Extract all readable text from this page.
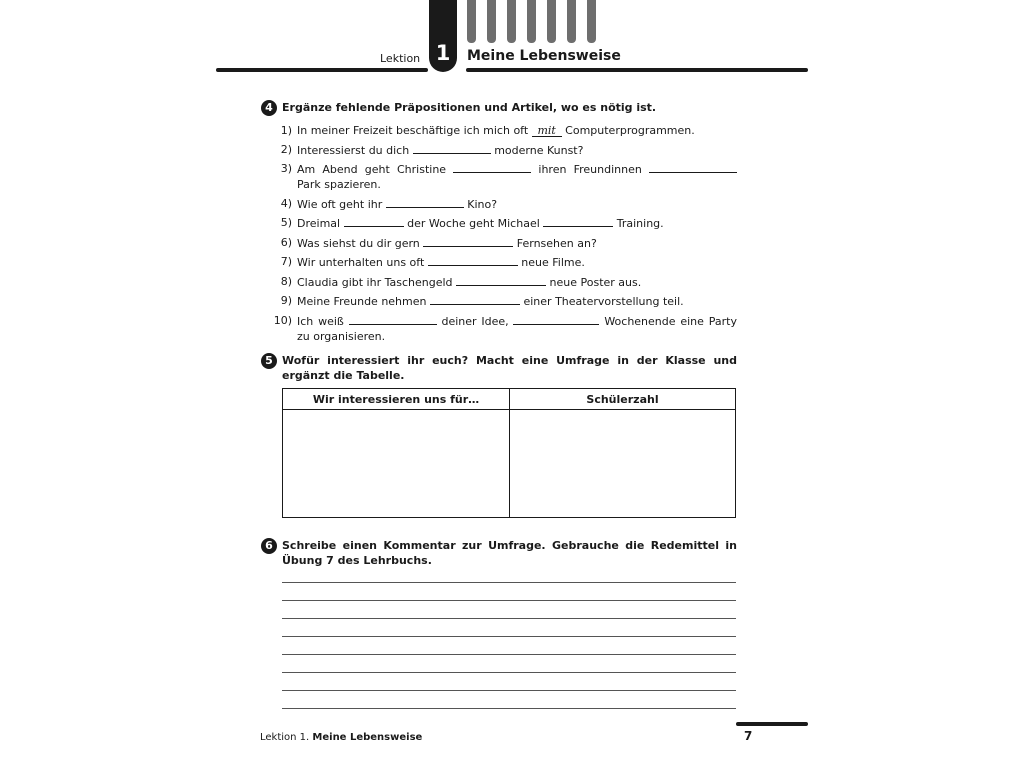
Lektion 1	Meine Lebensweise
4 Ergänze fehlende Präpositionen und Artikel, wo es nötig ist.
1) In meiner Freizeit beschäftige ich mich oft mit Computerprogrammen.
2) Interessierst du dich	moderne Kunst?
3) Am Abend geht Christine	ihren Freundinnen  Park spazieren.
4) Wie oft geht ihr	Kino?
5) Dreimal	der Woche geht Michael	Training.
6) Was siehst du dir gern	Fernsehen an?
7) Wir unterhalten uns oft	neue Filme.
8) Claudia gibt ihr Taschengeld	neue Poster aus.
9) Meine Freunde nehmen	einer Theatervorstellung teil.
10) Ich weiß	deiner Idee,	Wochenende eine Party zu organisieren.
5 Wofür interessiert ihr euch? Macht eine Umfrage in der Klasse und ergänzt die Tabelle.
Wir interessieren uns für…	Schülerzahl
6 Schreibe einen Kommentar zur Umfrage. Gebrauche die Redemittel in Übung 7 des Lehrbuchs.
Lektion 1. Meine Lebensweise	7
